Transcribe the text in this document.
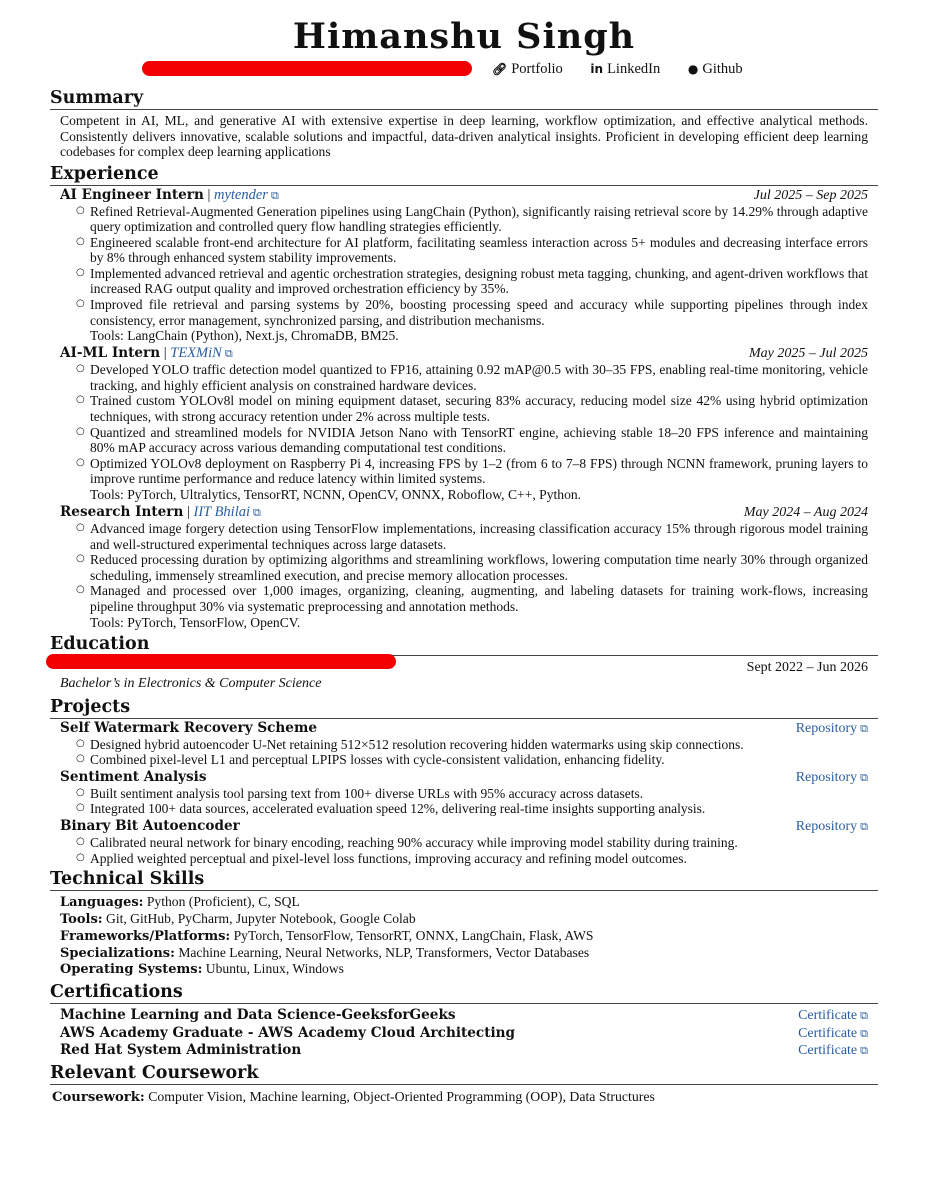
Himanshu Singh
🔗︎ Portfolio in LinkedIn ● Github
Summary
Competent in AI, ML, and generative AI with extensive expertise in deep learning, workflow optimization, and effective analytical methods. Consistently delivers innovative, scalable solutions and impactful, data-driven analytical insights. Proficient in developing efficient deep learning codebases for complex deep learning applications
Experience
AI Engineer Intern | mytender ⧉	Jul 2025 – Sep 2025
○ Refined Retrieval-Augmented Generation pipelines using LangChain (Python), significantly raising retrieval score by 14.29% through adaptive query optimization and controlled query flow handling strategies efficiently.
○ Engineered scalable front-end architecture for AI platform, facilitating seamless interaction across 5+ modules and decreasing interface errors by 8% through enhanced system stability improvements.
○ Implemented advanced retrieval and agentic orchestration strategies, designing robust meta tagging, chunking, and agent-driven workflows that increased RAG output quality and improved orchestration efficiency by 35%.
○ Improved file retrieval and parsing systems by 20%, boosting processing speed and accuracy while supporting pipelines through index consistency, error management, synchronized parsing, and distribution mechanisms.
Tools: LangChain (Python), Next.js, ChromaDB, BM25.
AI-ML Intern | TEXMiN ⧉	May 2025 – Jul 2025
○ Developed YOLO traffic detection model quantized to FP16, attaining 0.92 mAP@0.5 with 30–35 FPS, enabling real-time monitoring, vehicle tracking, and highly efficient analysis on constrained hardware devices.
○ Trained custom YOLOv8l model on mining equipment dataset, securing 83% accuracy, reducing model size 42% using hybrid optimization techniques, with strong accuracy retention under 2% across multiple tests.
○ Quantized and streamlined models for NVIDIA Jetson Nano with TensorRT engine, achieving stable 18–20 FPS inference and maintaining 80% mAP accuracy across various demanding computational test conditions.
○ Optimized YOLOv8 deployment on Raspberry Pi 4, increasing FPS by 1–2 (from 6 to 7–8 FPS) through NCNN framework, pruning layers to improve runtime performance and reduce latency within limited systems.
Tools: PyTorch, Ultralytics, TensorRT, NCNN, OpenCV, ONNX, Roboflow, C++, Python.
Research Intern | IIT Bhilai ⧉	May 2024 – Aug 2024
○ Advanced image forgery detection using TensorFlow implementations, increasing classification accuracy 15% through rigorous model training and well-structured experimental techniques across large datasets.
○ Reduced processing duration by optimizing algorithms and streamlining workflows, lowering computation time nearly 30% through organized scheduling, immensely streamlined execution, and precise memory allocation processes.
○ Managed and processed over 1,000 images, organizing, cleaning, augmenting, and labeling datasets for training work-flows, increasing pipeline throughput 30% via systematic preprocessing and annotation methods.
Tools: PyTorch, TensorFlow, OpenCV.
Education
Sept 2022 – Jun 2026
Bachelor’s in Electronics & Computer Science
Projects
Self Watermark Recovery Scheme	Repository ⧉
○ Designed hybrid autoencoder U-Net retaining 512×512 resolution recovering hidden watermarks using skip connections.
○ Combined pixel-level L1 and perceptual LPIPS losses with cycle-consistent validation, enhancing fidelity.
Sentiment Analysis	Repository ⧉
○ Built sentiment analysis tool parsing text from 100+ diverse URLs with 95% accuracy across datasets.
○ Integrated 100+ data sources, accelerated evaluation speed 12%, delivering real-time insights supporting analysis.
Binary Bit Autoencoder	Repository ⧉
○ Calibrated neural network for binary encoding, reaching 90% accuracy while improving model stability during training.
○ Applied weighted perceptual and pixel-level loss functions, improving accuracy and refining model outcomes.
Technical Skills
Languages: Python (Proficient), C, SQL
Tools: Git, GitHub, PyCharm, Jupyter Notebook, Google Colab
Frameworks/Platforms: PyTorch, TensorFlow, TensorRT, ONNX, LangChain, Flask, AWS
Specializations: Machine Learning, Neural Networks, NLP, Transformers, Vector Databases
Operating Systems: Ubuntu, Linux, Windows
Certifications
Machine Learning and Data Science-GeeksforGeeks	Certificate ⧉
AWS Academy Graduate - AWS Academy Cloud Architecting	Certificate ⧉
Red Hat System Administration	Certificate ⧉
Relevant Coursework
Coursework: Computer Vision, Machine learning, Object-Oriented Programming (OOP), Data Structures
